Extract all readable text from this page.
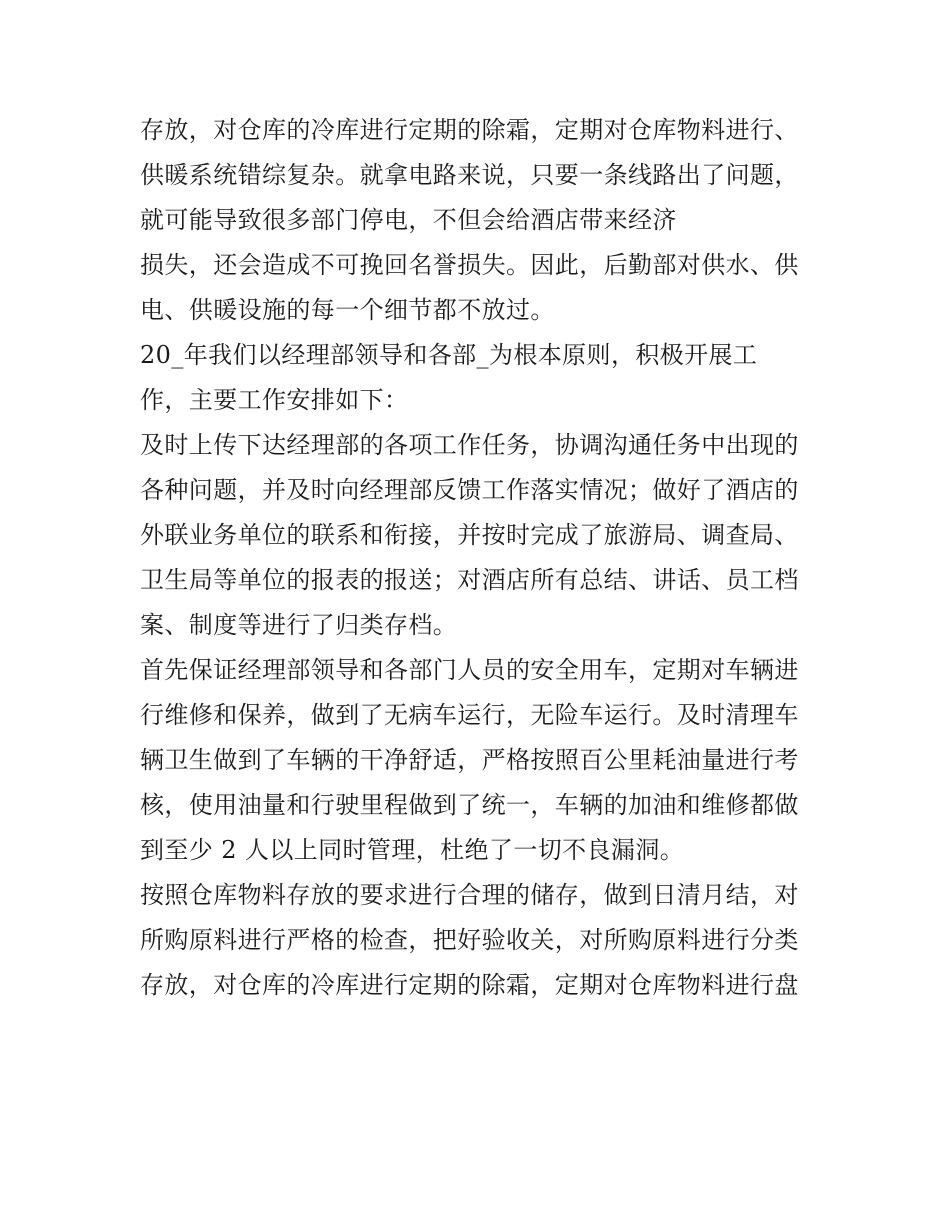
存放，对仓库的冷库进行定期的除霜，定期对仓库物料进行、
供暖系统错综复杂。就拿电路来说，只要一条线路出了问题，
就可能导致很多部门停电，不但会给酒店带来经济
损失，还会造成不可挽回名誉损失。因此，后勤部对供水、供
电、供暖设施的每一个细节都不放过。
20_年我们以经理部领导和各部_为根本原则，积极开展工
作，主要工作安排如下：
及时上传下达经理部的各项工作任务，协调沟通任务中出现的
各种问题，并及时向经理部反馈工作落实情况；做好了酒店的
外联业务单位的联系和衔接，并按时完成了旅游局、调查局、
卫生局等单位的报表的报送；对酒店所有总结、讲话、员工档
案、制度等进行了归类存档。
首先保证经理部领导和各部门人员的安全用车，定期对车辆进
行维修和保养，做到了无病车运行，无险车运行。及时清理车
辆卫生做到了车辆的干净舒适，严格按照百公里耗油量进行考
核，使用油量和行驶里程做到了统一，车辆的加油和维修都做
到至少 2 人以上同时管理，杜绝了一切不良漏洞。
按照仓库物料存放的要求进行合理的储存，做到日清月结，对
所购原料进行严格的检查，把好验收关，对所购原料进行分类
存放，对仓库的冷库进行定期的除霜，定期对仓库物料进行盘
